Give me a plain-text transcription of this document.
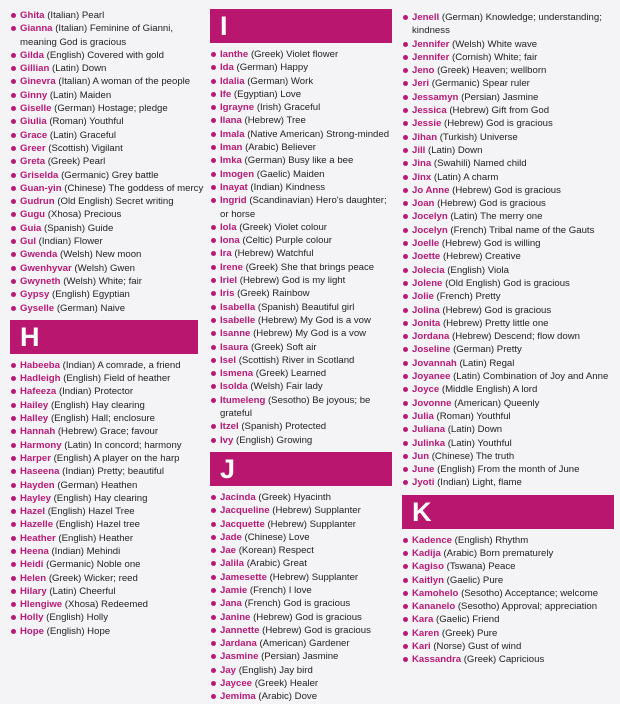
Ghita (Italian) Pearl
Gianna (Italian) Feminine of Gianni, meaning God is gracious
Gilda (English) Covered with gold
Gillian (Latin) Down
Ginevra (Italian) A woman of the people
Ginny (Latin) Maiden
Giselle (German) Hostage; pledge
Giulia (Roman) Youthful
Grace (Latin) Graceful
Greer (Scottish) Vigilant
Greta (Greek) Pearl
Griselda (Germanic) Grey battle
Guan-yin (Chinese) The goddess of mercy
Gudrun (Old English) Secret writing
Gugu (Xhosa) Precious
Guia (Spanish) Guide
Gul (Indian) Flower
Gwenda (Welsh) New moon
Gwenhyvar (Welsh) Gwen
Gwyneth (Welsh) White; fair
Gypsy (English) Egyptian
Gyselle (German) Naive
H
Habeeba (Indian) A comrade, a friend
Hadleigh (English) Field of heather
Hafeeza (Indian) Protector
Hailey (English) Hay clearing
Halley (English) Hall; enclosure
Hannah (Hebrew) Grace; favour
Harmony (Latin) In concord; harmony
Harper (English) A player on the harp
Haseena (Indian) Pretty; beautiful
Hayden (German) Heathen
Hayley (English) Hay clearing
Hazel (English) Hazel Tree
Hazelle (English) Hazel tree
Heather (English) Heather
Heena (Indian) Mehindi
Heidi (Germanic) Noble one
Helen (Greek) Wicker; reed
Hilary (Latin) Cheerful
Hlengiwe (Xhosa) Redeemed
Holly (English) Holly
Hope (English) Hope
I
Ianthe (Greek) Violet flower
Ida (German) Happy
Idalia (German) Work
Ife (Egyptian) Love
Igrayne (Irish) Graceful
Ilana (Hebrew) Tree
Imala (Native American) Strong-minded
Iman (Arabic) Believer
Imka (German) Busy like a bee
Imogen (Gaelic) Maiden
Inayat (Indian) Kindness
Ingrid (Scandinavian) Hero's daughter; or horse
Iola (Greek) Violet colour
Iona (Celtic) Purple colour
Ira (Hebrew) Watchful
Irene (Greek) She that brings peace
Iriel (Hebrew) God is my light
Iris (Greek) Rainbow
Isabella (Spanish) Beautiful girl
Isabelle (Hebrew) My God is a vow
Isanne (Hebrew) My God is a vow
Isaura (Greek) Soft air
Isel (Scottish) River in Scotland
Ismena (Greek) Learned
Isolda (Welsh) Fair lady
Itumeleng (Sesotho) Be joyous; be grateful
Itzel (Spanish) Protected
Ivy (English) Growing
J
Jacinda (Greek) Hyacinth
Jacqueline (Hebrew) Supplanter
Jacquette (Hebrew) Supplanter
Jade (Chinese) Love
Jae (Korean) Respect
Jalila (Arabic) Great
Jamesette (Hebrew) Supplanter
Jamie (French) I love
Jana (French) God is gracious
Janine (Hebrew) God is gracious
Jannette (Hebrew) God is gracious
Jardana (American) Gardener
Jasmine (Persian) Jasmine
Jay (English) Jay bird
Jaycee (Greek) Healer
Jemima (Arabic) Dove
Jenell (German) Knowledge; understanding; kindness
Jennifer (Welsh) White wave
Jennifer (Cornish) White; fair
Jeno (Greek) Heaven; wellborn
Jeri (Germanic) Spear ruler
Jessamyn (Persian) Jasmine
Jessica (Hebrew) Gift from God
Jessie (Hebrew) God is gracious
Jihan (Turkish) Universe
Jill (Latin) Down
Jina (Swahili) Named child
Jinx (Latin) A charm
Jo Anne (Hebrew) God is gracious
Joan (Hebrew) God is gracious
Jocelyn (Latin) The merry one
Jocelyn (French) Tribal name of the Gauts
Joelle (Hebrew) God is willing
Joette (Hebrew) Creative
Jolecia (English) Viola
Jolene (Old English) God is gracious
Jolie (French) Pretty
Jolina (Hebrew) God is gracious
Jonita (Hebrew) Pretty little one
Jordana (Hebrew) Descend; flow down
Joseline (German) Pretty
Jovannah (Latin) Regal
Joyanee (Latin) Combination of Joy and Anne
Joyce (Middle English) A lord
Jovonne (American) Queenly
Julia (Roman) Youthful
Juliana (Latin) Down
Julinka (Latin) Youthful
Jun (Chinese) The truth
June (English) From the month of June
Jyoti (Indian) Light, flame
K
Kadence (English) Rhythm
Kadija (Arabic) Born prematurely
Kagiso (Tswana) Peace
Kaitlyn (Gaelic) Pure
Kamohelo (Sesotho) Acceptance; welcome
Kananelo (Sesotho) Approval; appreciation
Kara (Gaelic) Friend
Karen (Greek) Pure
Kari (Norse) Gust of wind
Kassandra (Greek) Capricious
